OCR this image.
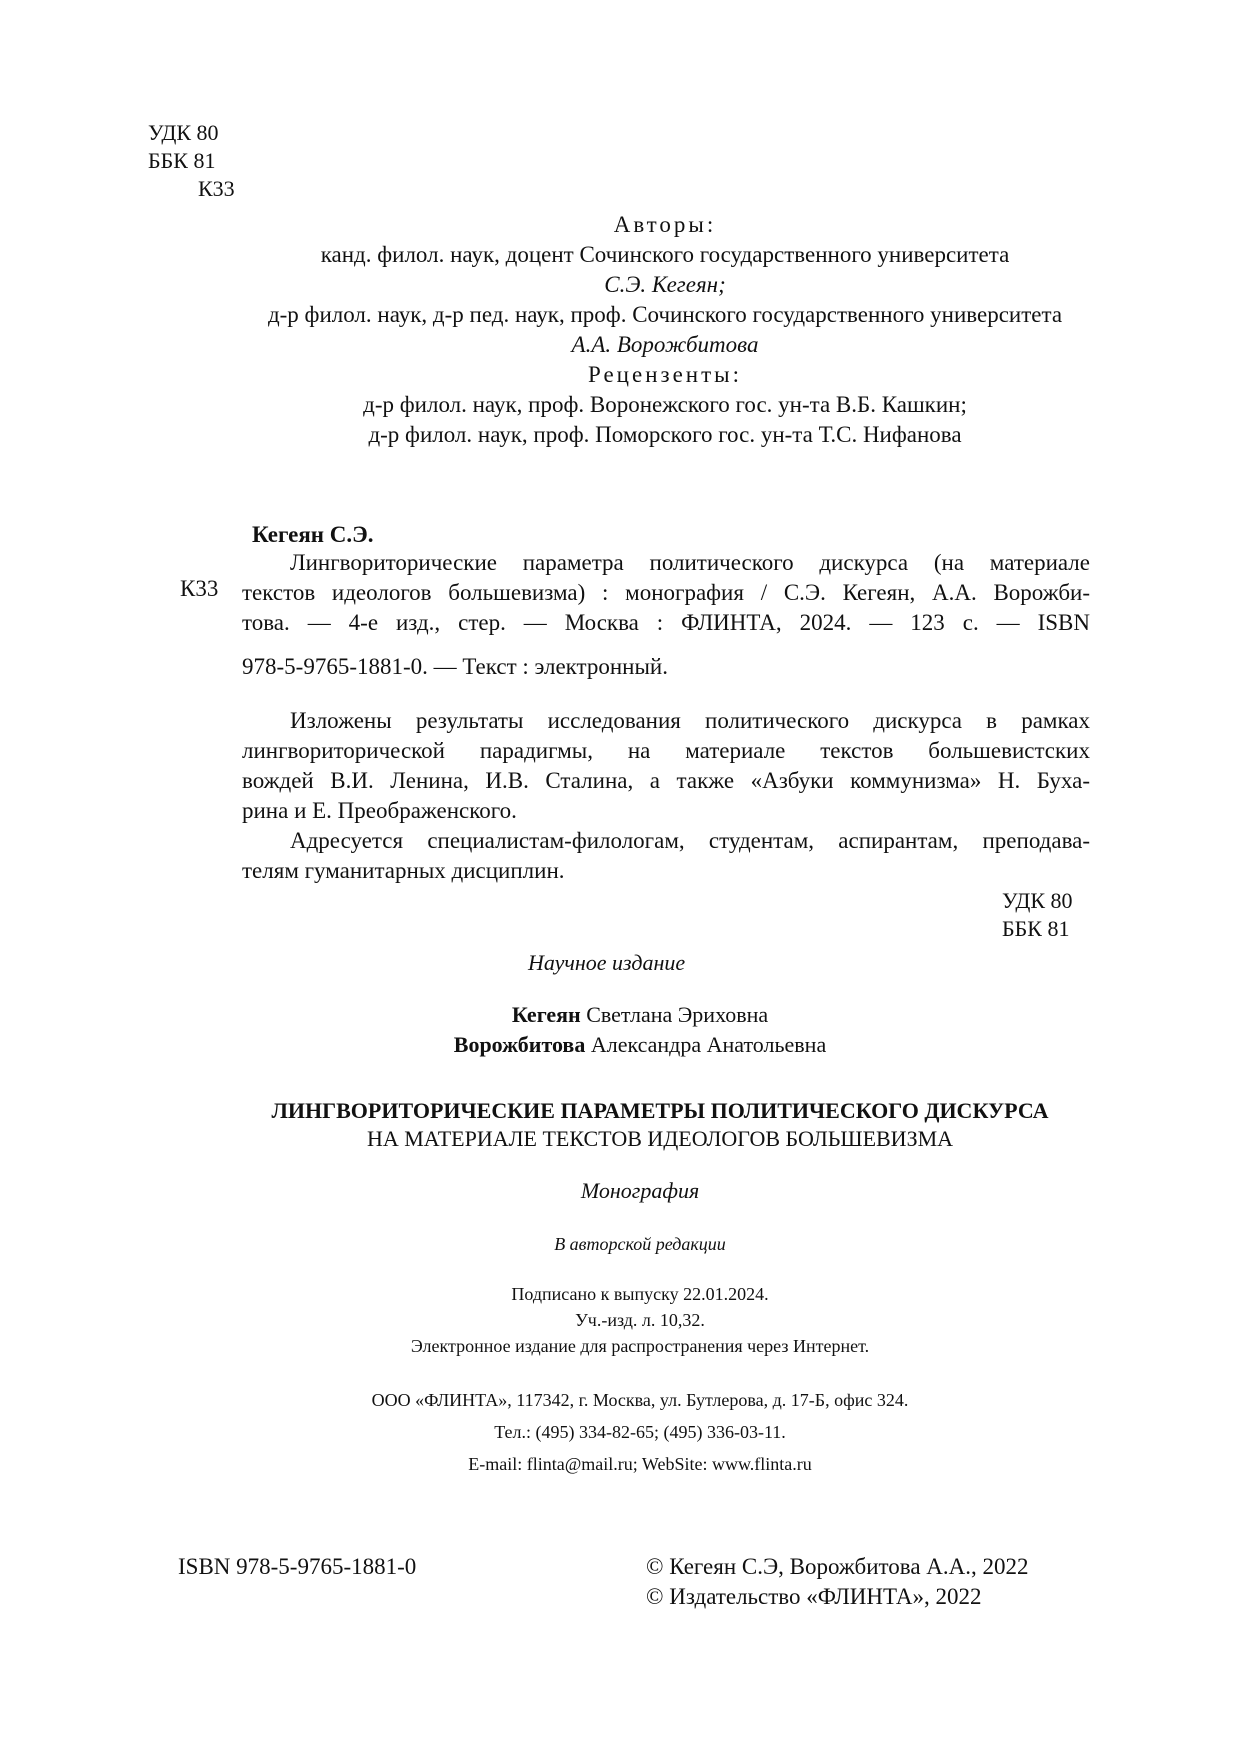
УДК 80
ББК 81
К33
Авторы:
канд. филол. наук, доцент Сочинского государственного университета
С.Э. Кегеян;
д-р филол. наук, д-р пед. наук, проф. Сочинского государственного университета
А.А. Ворожбитова
Рецензенты:
д-р филол. наук, проф. Воронежского гос. ун-та В.Б. Кашкин;
д-р филол. наук, проф. Поморского гос. ун-та Т.С. Нифанова
Кегеян С.Э.
К33
Лингвориторические параметра политического дискурса (на материале
текстов идеологов большевизма) : монография / С.Э. Кегеян, А.А. Ворожби-
това. — 4-е изд., стер. — Москва : ФЛИНТА, 2024. — 123 с. — ISBN
978-5-9765-1881-0. — Текст : электронный.
Изложены результаты исследования политического дискурса в рамках
лингвориторической парадигмы, на материале текстов большевистских
вождей В.И. Ленина, И.В. Сталина, а также «Азбуки коммунизма» Н. Буха-
рина и Е. Преображенского.
Адресуется специалистам-филологам, студентам, аспирантам, преподава-
телям гуманитарных дисциплин.
УДК 80
ББК 81
Научное издание
Кегеян Светлана Эриховна
Ворожбитова Александра Анатольевна
ЛИНГВОРИТОРИЧЕСКИЕ ПАРАМЕТРЫ ПОЛИТИЧЕСКОГО ДИСКУРСА
НА МАТЕРИАЛЕ ТЕКСТОВ ИДЕОЛОГОВ БОЛЬШЕВИЗМА
Монография
В авторской редакции
Подписано к выпуску 22.01.2024.
Уч.-изд. л. 10,32.
Электронное издание для распространения через Интернет.
ООО «ФЛИНТА», 117342, г. Москва, ул. Бутлерова, д. 17-Б, офис 324.
Тел.: (495) 334-82-65; (495) 336-03-11.
E-mail: flinta@mail.ru; WebSite: www.flinta.ru
ISBN 978-5-9765-1881-0	© Кегеян С.Э, Ворожбитова А.А., 2022
© Издательство «ФЛИНТА», 2022
